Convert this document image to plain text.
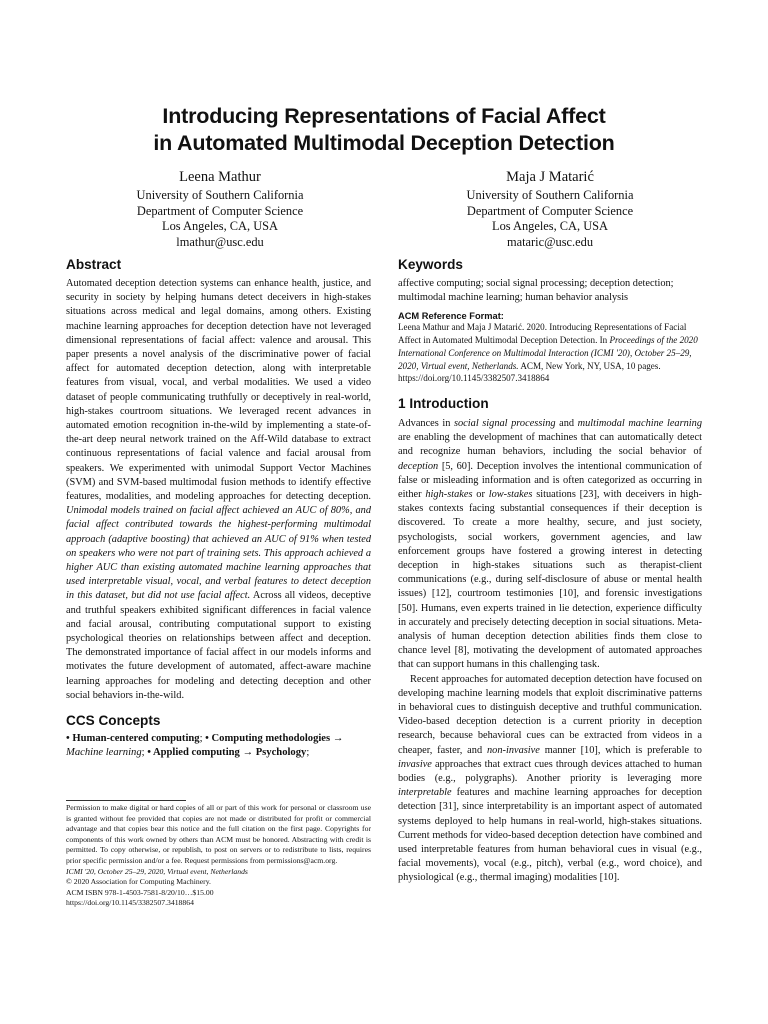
Introducing Representations of Facial Affect
in Automated Multimodal Deception Detection
Leena Mathur
University of Southern California
Department of Computer Science
Los Angeles, CA, USA
lmathur@usc.edu
Maja J Matarić
University of Southern California
Department of Computer Science
Los Angeles, CA, USA
mataric@usc.edu
Abstract

Automated deception detection systems can enhance health, justice, and security in society by helping humans detect deceivers in high-stakes situations across medical and legal domains, among others. Existing machine learning approaches for deception detection have not leveraged dimensional representations of facial affect: valence and arousal. This paper presents a novel analysis of the discriminative power of facial affect for automated deception detection, along with interpretable features from visual, vocal, and verbal modalities. We used a video dataset of people communicating truthfully or deceptively in real-world, high-stakes courtroom situations. We leveraged recent advances in automated emotion recognition in-the-wild by implementing a state-of-the-art deep neural network trained on the Aff-Wild database to extract continuous representations of facial valence and facial arousal from speakers. We experimented with unimodal Support Vector Machines (SVM) and SVM-based multimodal fusion methods to identify effective features, modalities, and modeling approaches for detecting deception. Unimodal models trained on facial affect achieved an AUC of 80%, and facial affect contributed towards the highest-performing multimodal approach (adaptive boosting) that achieved an AUC of 91% when tested on speakers who were not part of training sets. This approach achieved a higher AUC than existing automated machine learning approaches that used interpretable visual, vocal, and verbal features to detect deception in this dataset, but did not use facial affect. Across all videos, deceptive and truthful speakers exhibited significant differences in facial valence and facial arousal, contributing computational support to existing psychological theories on relationships between affect and deception. The demonstrated importance of facial affect in our models informs and motivates the future development of automated, affect-aware machine learning approaches for modeling and detecting deception and other social behaviors in-the-wild.

CCS Concepts

• Human-centered computing; • Computing methodologies → Machine learning; • Applied computing → Psychology;

Permission to make digital or hard copies of all or part of this work for personal or classroom use is granted without fee provided that copies are not made or distributed for profit or commercial advantage and that copies bear this notice and the full citation on the first page. Copyrights for components of this work owned by others than ACM must be honored. Abstracting with credit is permitted. To copy otherwise, or republish, to post on servers or to redistribute to lists, requires prior specific permission and/or a fee. Request permissions from permissions@acm.org.
ICMI '20, October 25–29, 2020, Virtual event, Netherlands
© 2020 Association for Computing Machinery.
ACM ISBN 978-1-4503-7581-8/20/10…$15.00
https://doi.org/10.1145/3382507.3418864
Keywords

affective computing; social signal processing; deception detection; multimodal machine learning; human behavior analysis

ACM Reference Format:

Leena Mathur and Maja J Matarić. 2020. Introducing Representations of Facial Affect in Automated Multimodal Deception Detection. In Proceedings of the 2020 International Conference on Multimodal Interaction (ICMI '20), October 25–29, 2020, Virtual event, Netherlands. ACM, New York, NY, USA, 10 pages. https://doi.org/10.1145/3382507.3418864

1 Introduction

Advances in social signal processing and multimodal machine learning are enabling the development of machines that can automatically detect and recognize human behaviors, including the social behavior of deception [5, 60]. Deception involves the intentional communication of false or misleading information and is often categorized as occurring in either high-stakes or low-stakes situations [23], with deceivers in high-stakes contexts facing substantial consequences if their deception is discovered. To create a more healthy, secure, and just society, psychologists, social workers, government agencies, and law enforcement groups have fostered a growing interest in detecting deception in high-stakes situations such as therapist-client communications (e.g., during self-disclosure of abuse or mental health issues) [12], courtroom testimonies [10], and forensic investigations [50]. Humans, even experts trained in lie detection, experience difficulty in accurately and precisely detecting deception in social situations. Meta-analysis of human deception detection abilities finds them close to chance level [8], motivating the development of automated approaches that can support humans in this challenging task.

Recent approaches for automated deception detection have focused on developing machine learning models that exploit discriminative patterns in behavioral cues to distinguish deceptive and truthful communication. Video-based deception detection is a current priority in deception research, because behavioral cues can be extracted from videos in a cheaper, faster, and non-invasive manner [10], which is preferable to invasive approaches that extract cues through devices attached to human bodies (e.g., polygraphs). Another priority is leveraging more interpretable features and machine learning approaches for deception detection [31], since interpretability is an important aspect of automated systems deployed to help humans in real-world, high-stakes situations. Current methods for video-based deception detection have combined and used interpretable features from human behavioral cues in visual (e.g., facial movements), vocal (e.g., pitch), verbal (e.g., word choice), and physiological (e.g., thermal imaging) modalities [10].
